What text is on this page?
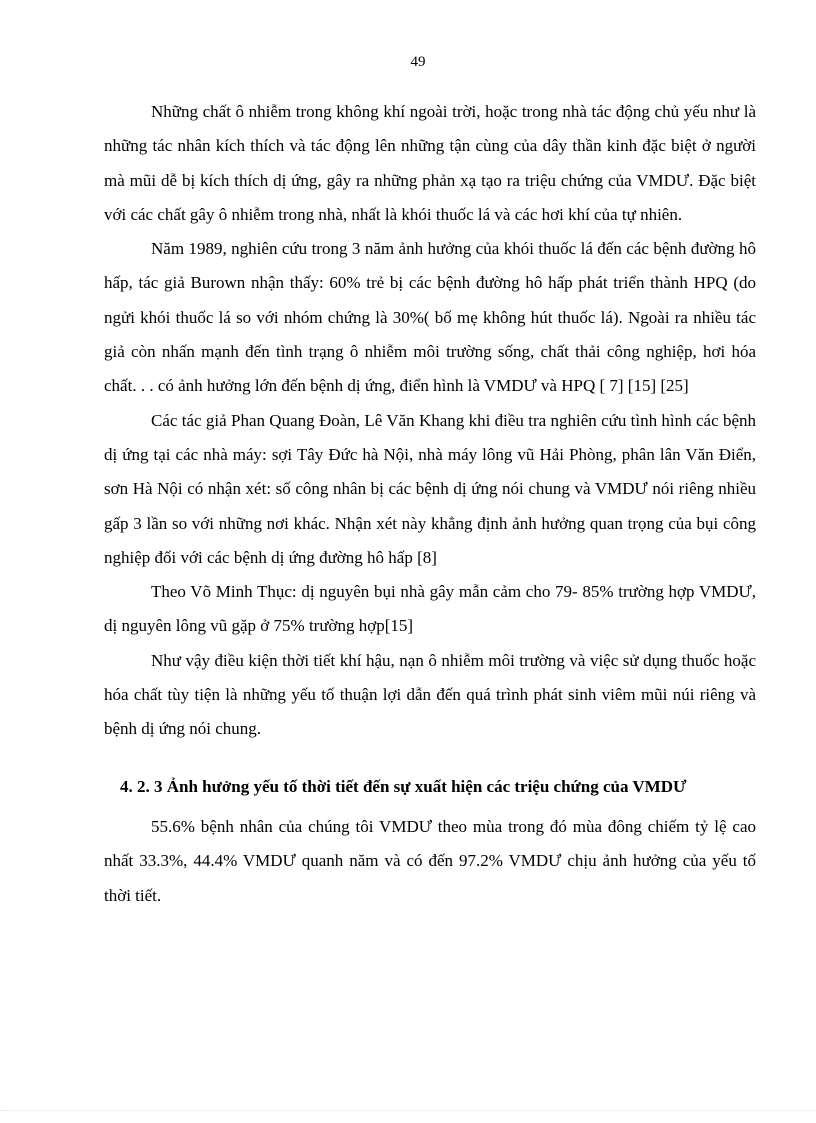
49

Những chất ô nhiễm trong không khí ngoài trời, hoặc trong nhà tác động chủ yếu như là những tác nhân kích thích và tác động lên những tận cùng của dây thần kinh đặc biệt ở người mà mũi dễ bị kích thích dị ứng, gây ra những phản xạ tạo ra triệu chứng của VMDƯ. Đặc biệt với các chất gây ô nhiễm trong nhà, nhất là khói thuốc lá và các hơi khí của tự nhiên.

Năm 1989, nghiên cứu trong 3 năm ảnh hưởng của khói thuốc lá đến các bệnh đường hô hấp, tác giả Burown nhận thấy: 60% trẻ bị các bệnh đường hô hấp phát triển thành HPQ (do ngửi khói thuốc lá so với nhóm chứng là 30%( bố mẹ không hút thuốc lá). Ngoài ra nhiều tác giả còn nhấn mạnh đến tình trạng ô nhiễm môi trường sống, chất thải công nghiệp, hơi hóa chất. . . có ảnh hưởng lớn đến bệnh dị ứng, điển hình là VMDƯ và HPQ [ 7] [15] [25]

Các tác giả Phan Quang Đoàn, Lê Văn Khang khi điều tra nghiên cứu tình hình các bệnh dị ứng tại các nhà máy: sợi Tây Đức hà Nội, nhà máy lông vũ Hải Phòng, phân lân Văn Điển, sơn Hà Nội có nhận xét: số công nhân bị các bệnh dị ứng nói chung và VMDƯ nói riêng nhiều gấp 3 lần so với những nơi khác. Nhận xét này khẳng định ảnh hưởng quan trọng của bụi công nghiệp đối với các bệnh dị ứng đường hô hấp [8]

Theo Võ Minh Thục: dị nguyên bụi nhà gây mẫn cảm cho 79- 85% trường hợp VMDƯ, dị nguyên lông vũ gặp ở 75% trường hợp[15]

Như vậy điều kiện thời tiết khí hậu, nạn ô nhiễm môi trường và việc sử dụng thuốc hoặc hóa chất tùy tiện là những yếu tố thuận lợi dẫn đến quá trình phát sinh viêm mũi núi riêng và bệnh dị ứng nói chung.

4. 2. 3 Ảnh hưởng yếu tố thời tiết đến sự xuất hiện các triệu chứng của VMDƯ

55.6% bệnh nhân của chúng tôi VMDƯ theo mùa trong đó mùa đông chiếm tỷ lệ cao nhất 33.3%, 44.4% VMDƯ quanh năm và có đến 97.2% VMDƯ chịu ảnh hưởng của yếu tố thời tiết.
